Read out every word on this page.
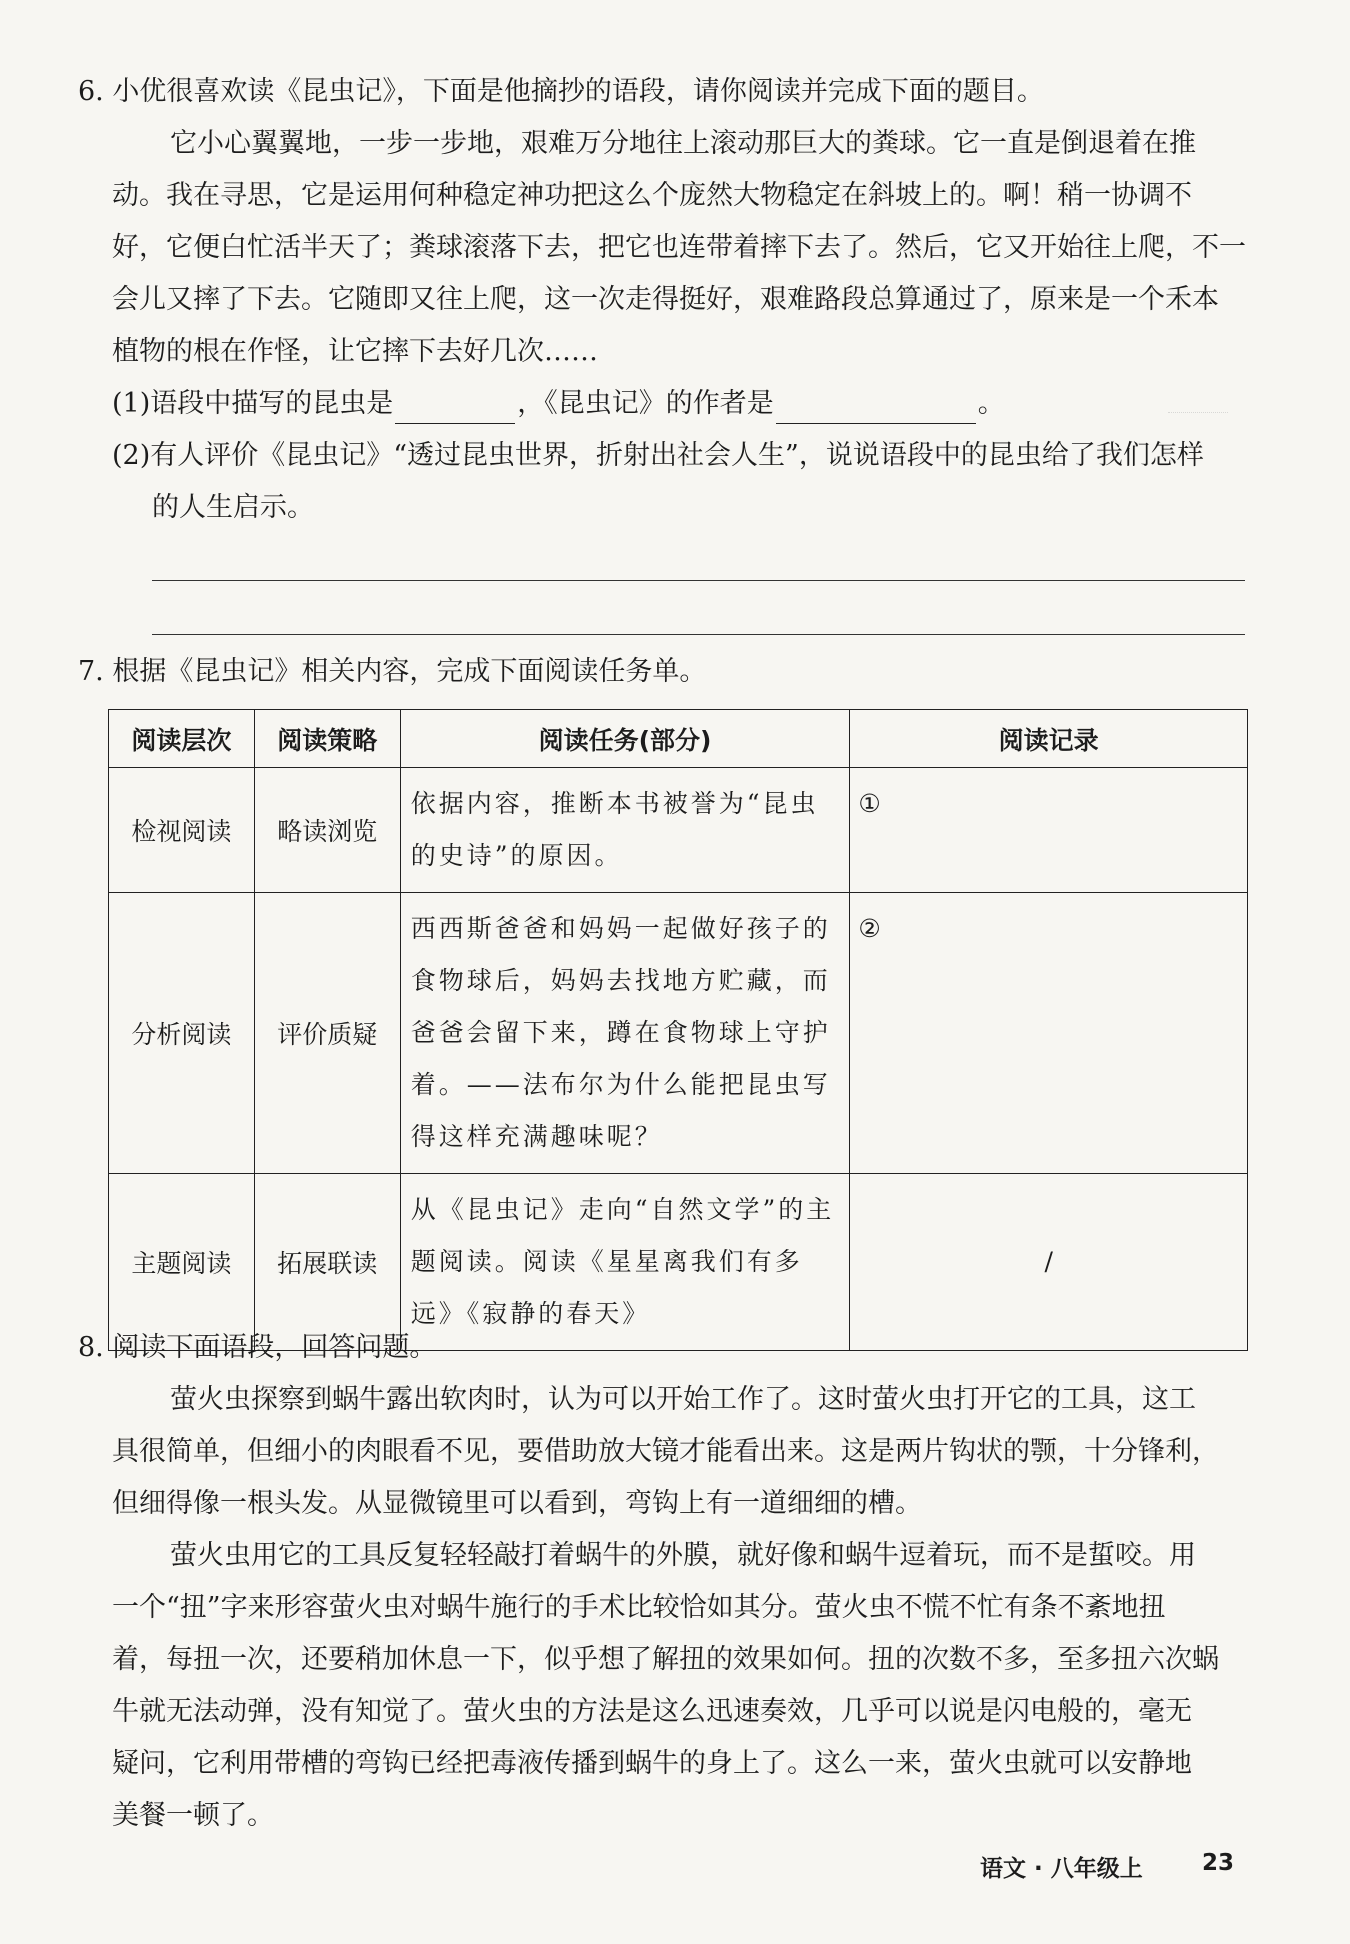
6. 小优很喜欢读《昆虫记》，下面是他摘抄的语段，请你阅读并完成下面的题目。
它小心翼翼地，一步一步地，艰难万分地往上滚动那巨大的粪球。它一直是倒退着在推
动。我在寻思，它是运用何种稳定神功把这么个庞然大物稳定在斜坡上的。啊！稍一协调不
好，它便白忙活半天了；粪球滚落下去，把它也连带着摔下去了。然后，它又开始往上爬，不一
会儿又摔了下去。它随即又往上爬，这一次走得挺好，艰难路段总算通过了，原来是一个禾本
植物的根在作怪，让它摔下去好几次……
(1)语段中描写的昆虫是	，《昆虫记》的作者是	。
(2)有人评价《昆虫记》“透过昆虫世界，折射出社会人生”，说说语段中的昆虫给了我们怎样
的人生启示。
7. 根据《昆虫记》相关内容，完成下面阅读任务单。
阅读层次	阅读策略	阅读任务(部分)	阅读记录
检视阅读	略读浏览	依据内容，推断本书被誉为“昆虫的史诗”的原因。	①
分析阅读	评价质疑	西西斯爸爸和妈妈一起做好孩子的食物球后，妈妈去找地方贮藏，而爸爸会留下来，蹲在食物球上守护着。——法布尔为什么能把昆虫写得这样充满趣味呢？	②
主题阅读	拓展联读	从《昆虫记》走向“自然文学”的主题阅读。阅读《星星离我们有多远》《寂静的春天》	/
8. 阅读下面语段，回答问题。
萤火虫探察到蜗牛露出软肉时，认为可以开始工作了。这时萤火虫打开它的工具，这工
具很简单，但细小的肉眼看不见，要借助放大镜才能看出来。这是两片钩状的颚，十分锋利，
但细得像一根头发。从显微镜里可以看到，弯钩上有一道细细的槽。
萤火虫用它的工具反复轻轻敲打着蜗牛的外膜，就好像和蜗牛逗着玩，而不是蜇咬。用
一个“扭”字来形容萤火虫对蜗牛施行的手术比较恰如其分。萤火虫不慌不忙有条不紊地扭
着，每扭一次，还要稍加休息一下，似乎想了解扭的效果如何。扭的次数不多，至多扭六次蜗
牛就无法动弹，没有知觉了。萤火虫的方法是这么迅速奏效，几乎可以说是闪电般的，毫无
疑问，它利用带槽的弯钩已经把毒液传播到蜗牛的身上了。这么一来，萤火虫就可以安静地
美餐一顿了。
语文 · 八年级上	23
